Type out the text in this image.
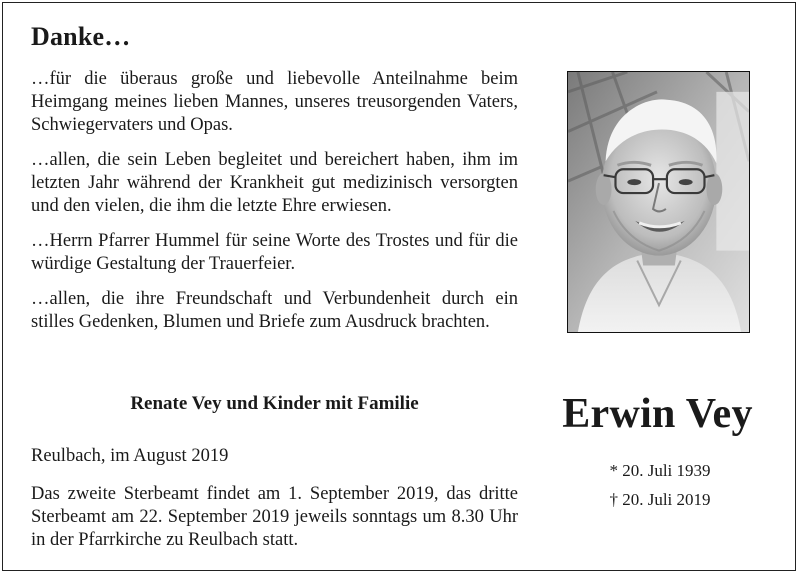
Danke…

…für die überaus große und liebevolle Anteilnahme beim Heimgang meines lieben Mannes, unseres treusorgenden Vaters, Schwiegervaters und Opas.

…allen, die sein Leben begleitet und bereichert haben, ihm im letzten Jahr während der Krankheit gut medizinisch versorgten und den vielen, die ihm die letzte Ehre erwiesen.

…Herrn Pfarrer Hummel für seine Worte des Trostes und für die würdige Gestaltung der Trauerfeier.

…allen, die ihre Freundschaft und Verbundenheit durch ein stilles Gedenken, Blumen und Briefe zum Ausdruck brachten.

Renate Vey und Kinder mit Familie
Reulbach, im August 2019
Das zweite Sterbeamt findet am 1. September 2019, das dritte Sterbeamt am 22. September 2019 jeweils sonntags um 8.30 Uhr in der Pfarrkirche zu Reulbach statt.
Erwin Vey
* 20. Juli 1939
† 20. Juli 2019
